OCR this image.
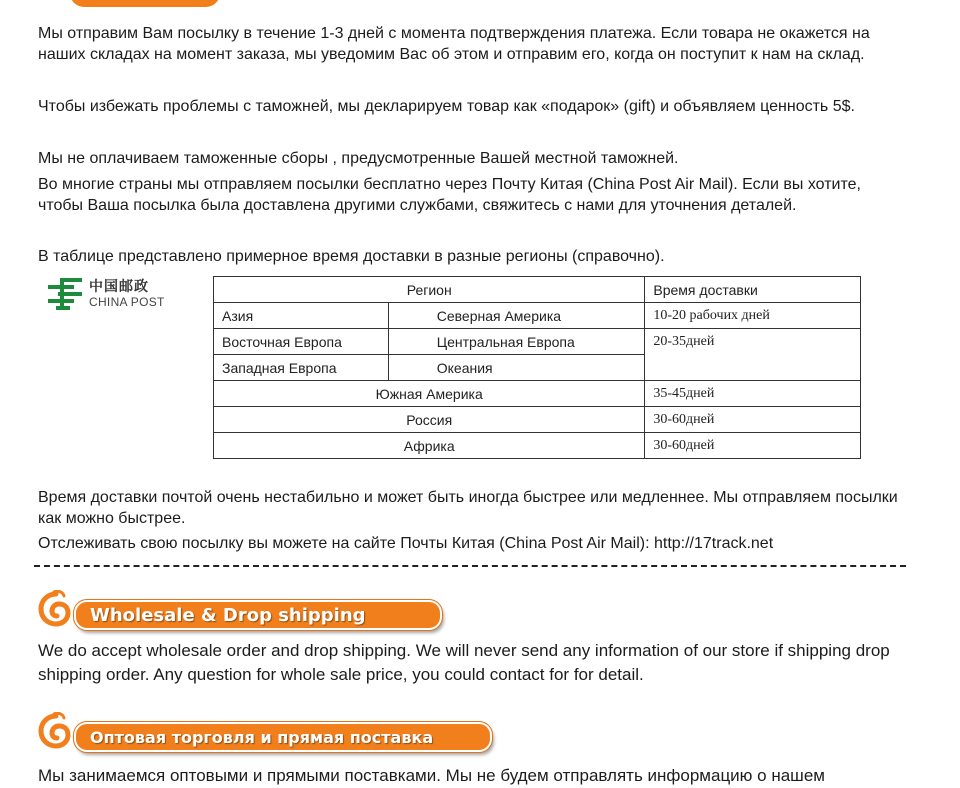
Мы отправим Вам посылку в течение 1-3 дней с момента подтверждения платежа. Если товара не окажется на наших складах на момент заказа, мы уведомим Вас об этом и отправим его, когда он поступит к нам на склад.

Чтобы избежать проблемы с таможней, мы декларируем товар как «подарок» (gift) и объявляем ценность 5$.

Мы не оплачиваем таможенные сборы , предусмотренные Вашей местной таможней.

Во многие страны мы отправляем посылки бесплатно через Почту Китая (China Post Air Mail). Если вы хотите, чтобы Ваша посылка была доставлена другими службами, свяжитесь с нами для уточнения деталей.

В таблице представлено примерное время доставки в разные регионы (справочно).

中国邮政
CHINA POST
Регион		Время доставки
Азия	Северная Америка	10-20 рабочих дней
Восточная Европа	Центральная Европа	20-35дней
Западная Европа	Океания	
Южная Америка		35-45дней
Россия		30-60дней
Африка		30-60дней

Время доставки почтой очень нестабильно и может быть иногда быстрее или медленнее. Мы отправляем посылки как можно быстрее.

Отслеживать свою посылку вы можете на сайте Почты Китая (China Post Air Mail): http://17track.net

Wholesale & Drop shipping

We do accept wholesale order and drop shipping. We will never send any information of our store if shipping drop shipping order. Any question for whole sale price, you could contact for for detail.

Оптовая торговля и прямая поставка

Мы занимаемся оптовыми и прямыми поставками. Мы не будем отправлять информацию о нашем
